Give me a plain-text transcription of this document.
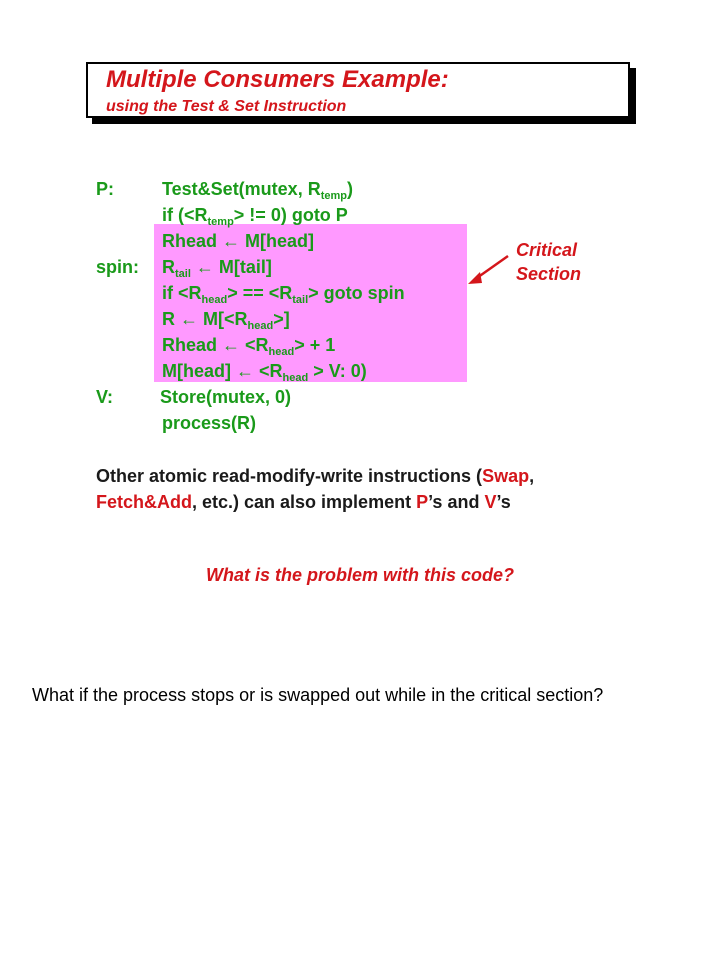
Multiple Consumers Example:
using the Test & Set Instruction
P:	Test&Set(mutex, $R_{temp}$)
if ($<R_{temp}>$ != 0) goto P
Rhead ← M[head]
spin: $R_{tail}$ ← M[tail]
if $<R_{head}> == <R_{tail}>$ goto spin
R ← $M[<R_{head}>]$
Rhead ← $<R_{head}> + 1$
M[head] ← $<R_{head} > V$: 0)
V:	Store(mutex, 0)
process(R)
Critical
Section
Other atomic read-modify-write instructions (Swap,
Fetch&Add, etc.) can also implement P’s and V’s
What is the problem with this code?
What if the process stops or is swapped out while in the critical section?
